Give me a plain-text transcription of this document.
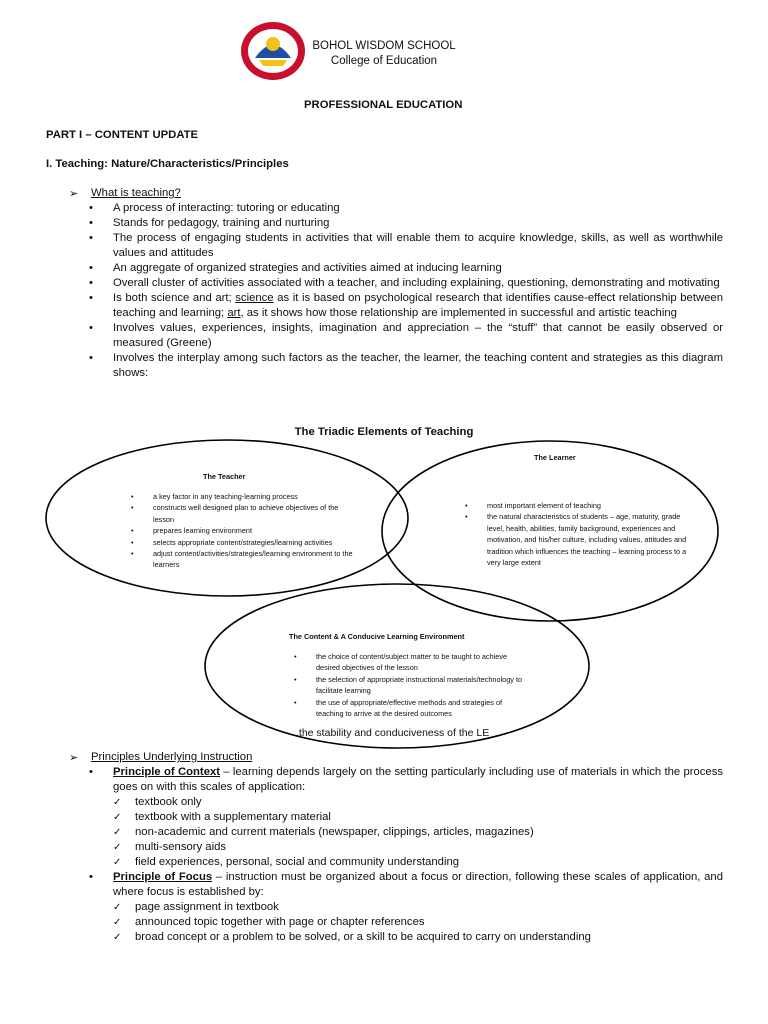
BOHOL WISDOM SCHOOL
College of Education
PROFESSIONAL EDUCATION
PART I – CONTENT UPDATE
I. Teaching: Nature/Characteristics/Principles
➢ What is teaching?
• A process of interacting: tutoring or educating
• Stands for pedagogy, training and nurturing
• The process of engaging students in activities that will enable them to acquire knowledge, skills, as well as worthwhile values and attitudes
• An aggregate of organized strategies and activities aimed at inducing learning
• Overall cluster of activities associated with a teacher, and including explaining, questioning, demonstrating and motivating
• Is both science and art; science as it is based on psychological research that identifies cause-effect relationship between teaching and learning; art, as it shows how those relationship are implemented in successful and artistic teaching
• Involves values, experiences, insights, imagination and appreciation – the “stuff” that cannot be easily observed or measured (Greene)
• Involves the interplay among such factors as the teacher, the learner, the teaching content and strategies as this diagram shows:
The Triadic Elements of Teaching
The Teacher
•	a key factor in any teaching-learning process
•	constructs well designed plan to achieve objectives of the lesson
•	prepares learning environment
•	selects appropriate content/strategies/learning activities
•	adjust content/activities/strategies/learning environment to the learners
The Learner
•	most important element of teaching
•	the natural characteristics of students – age, maturity, grade level, health, abilities, family background, experiences and motivation, and his/her culture, including values, attitudes and tradition which influences the teaching – learning process to a very large extent
The Content & A Conducive Learning Environment
•	the choice of content/subject matter to be taught to achieve desired objectives of the lesson
•	the selection of appropriate instructional materials/technology to facilitate learning
•	the use of appropriate/effective methods and strategies of teaching to arrive at the desired outcomes
.the stability and conduciveness of the LE
➢ Principles Underlying Instruction
• Principle of Context – learning depends largely on the setting particularly including use of materials in which the process goes on with this scales of application:
✓ textbook only
✓ textbook with a supplementary material
✓ non-academic and current materials (newspaper, clippings, articles, magazines)
✓ multi-sensory aids
✓ field experiences, personal, social and community understanding
• Principle of Focus – instruction must be organized about a focus or direction, following these scales of application, and where focus is established by:
✓ page assignment in textbook
✓ announced topic together with page or chapter references
✓ broad concept or a problem to be solved, or a skill to be acquired to carry on understanding
